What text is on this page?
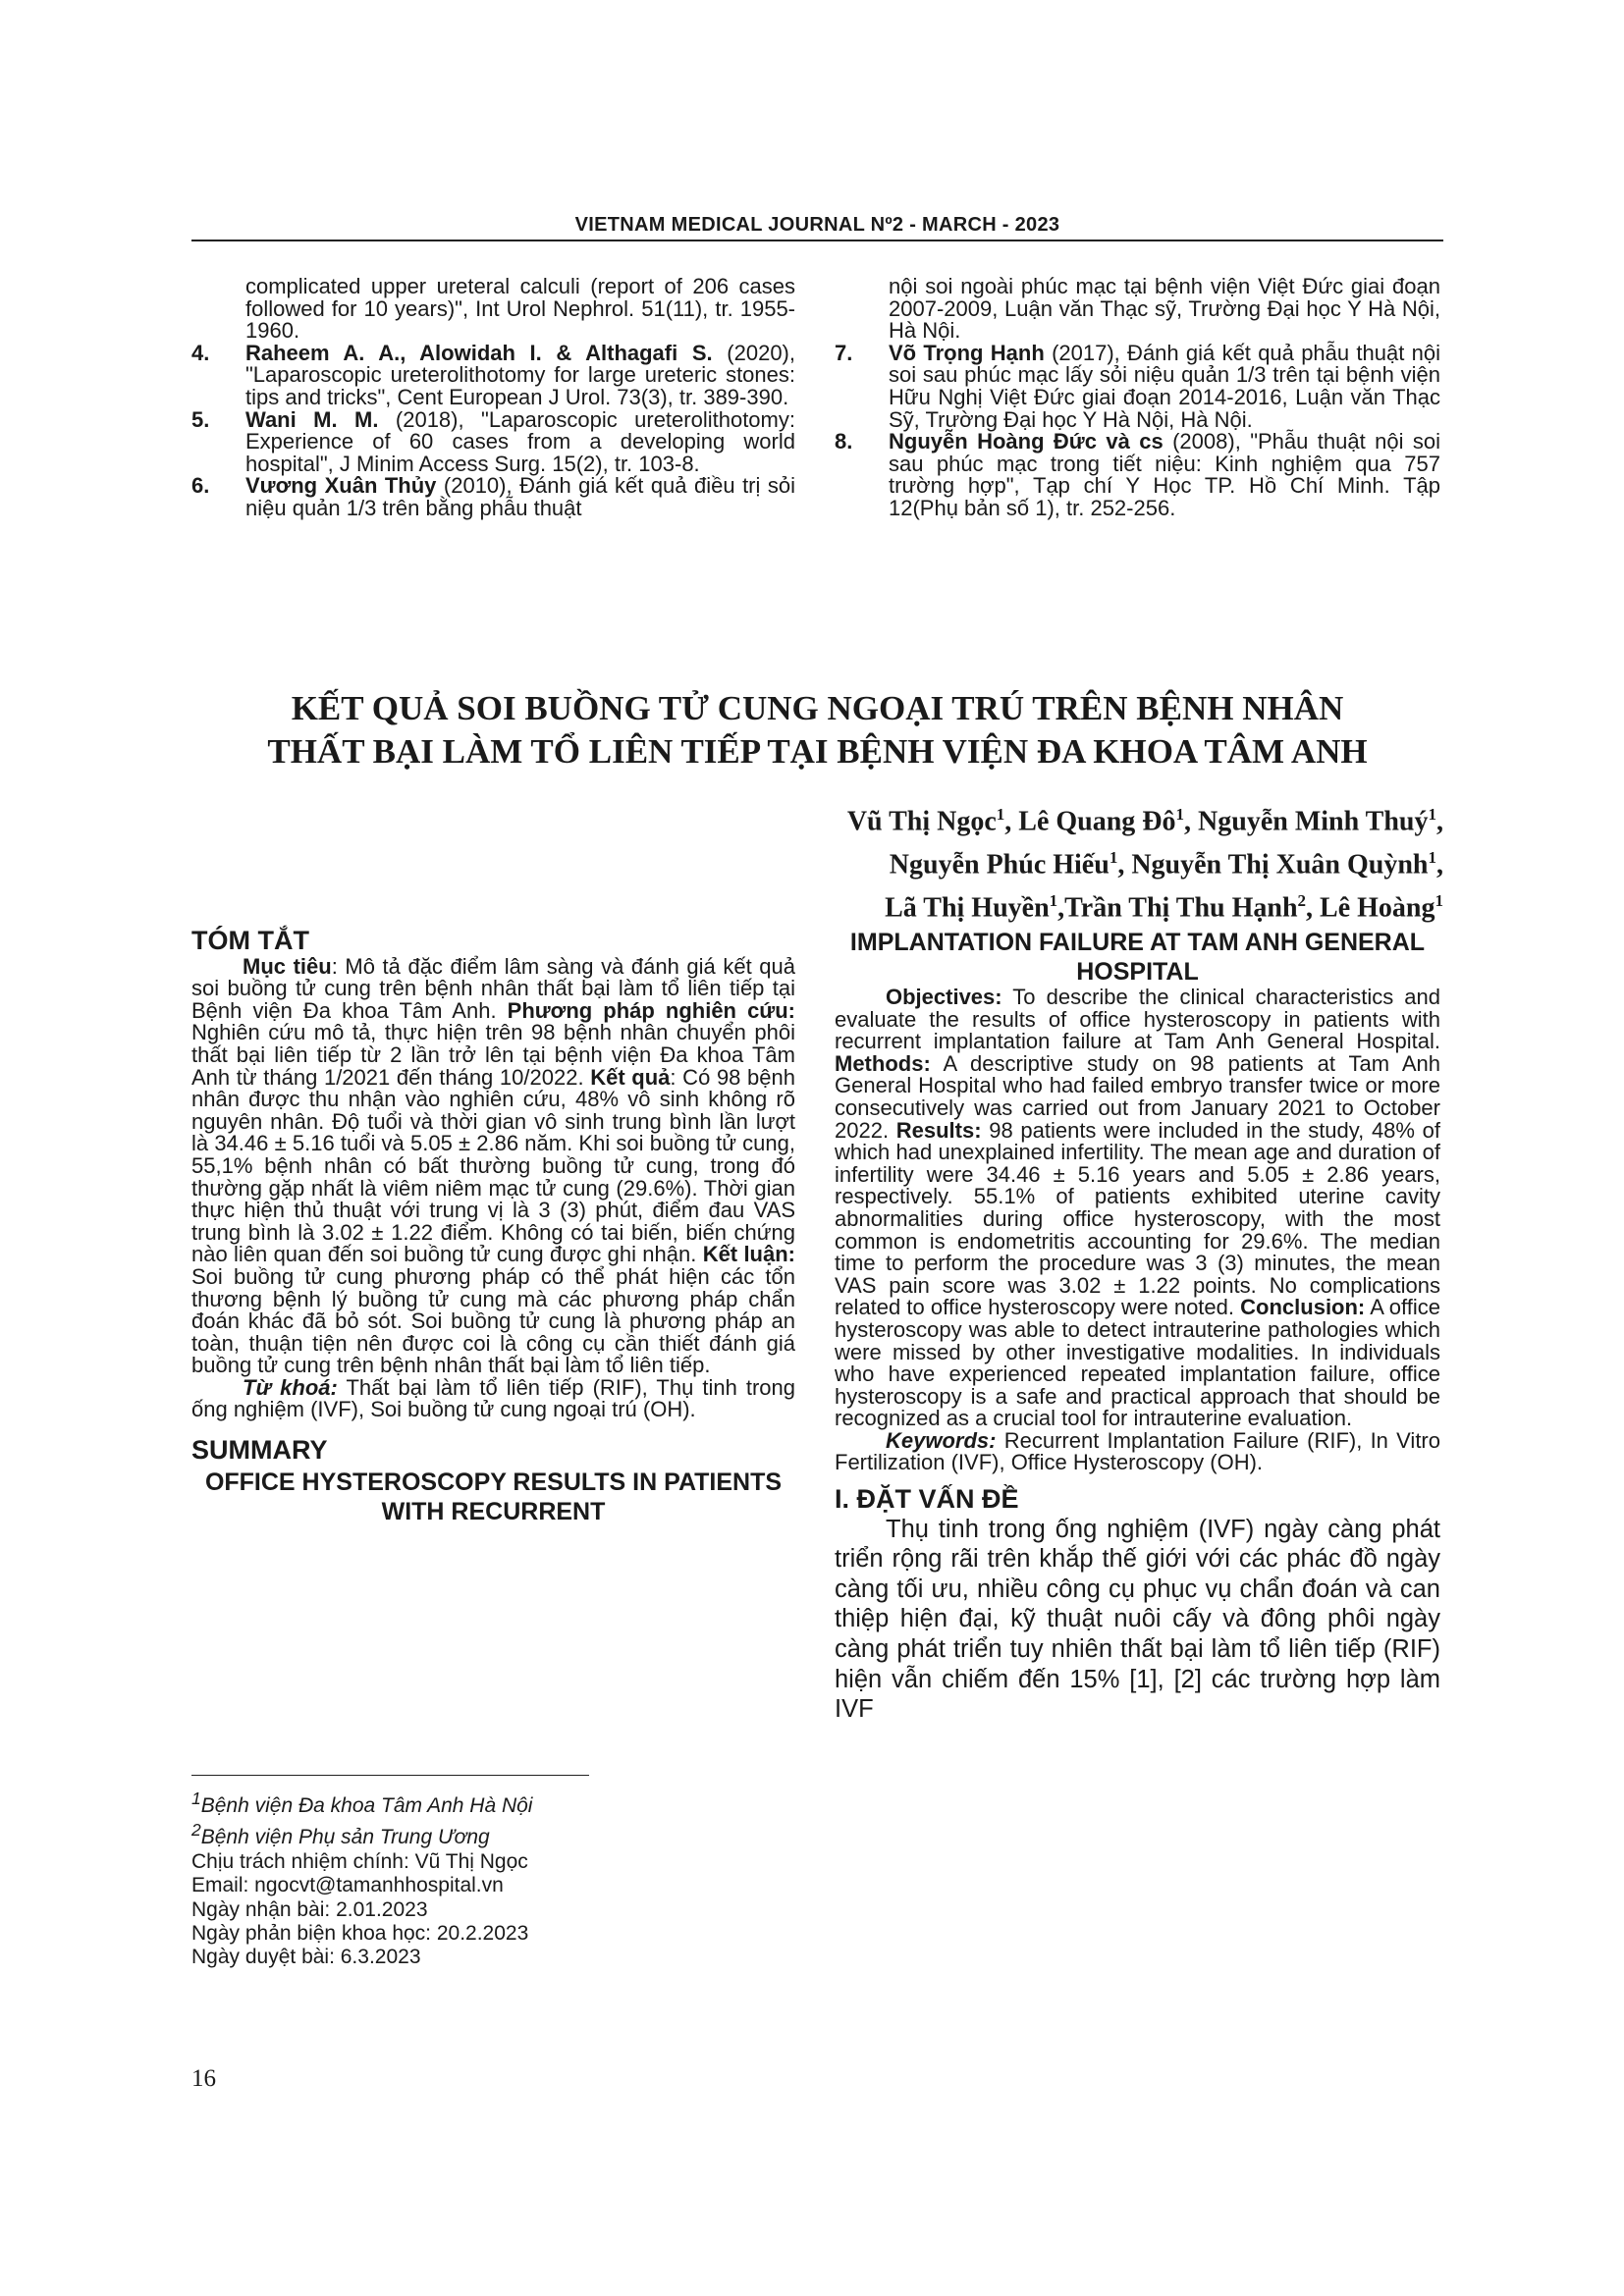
VIETNAM MEDICAL JOURNAL Nº2 - MARCH - 2023
complicated upper ureteral calculi (report of 206 cases followed for 10 years)", Int Urol Nephrol. 51(11), tr. 1955-1960.
4.	Raheem A. A., Alowidah I. & Althagafi S. (2020), "Laparoscopic ureterolithotomy for large ureteric stones: tips and tricks", Cent European J Urol. 73(3), tr. 389-390.
5.	Wani M. M. (2018), "Laparoscopic ureterolithotomy: Experience of 60 cases from a developing world hospital", J Minim Access Surg. 15(2), tr. 103-8.
6.	Vương Xuân Thủy (2010), Đánh giá kết quả điều trị sỏi niệu quản 1/3 trên bằng phẫu thuật
nội soi ngoài phúc mạc tại bệnh viện Việt Đức giai đoạn 2007-2009, Luận văn Thạc sỹ, Trường Đại học Y Hà Nội, Hà Nội.
7.	Võ Trọng Hạnh (2017), Đánh giá kết quả phẫu thuật nội soi sau phúc mạc lấy sỏi niệu quản 1/3 trên tại bệnh viện Hữu Nghị Việt Đức giai đoạn 2014-2016, Luận văn Thạc Sỹ, Trường Đại học Y Hà Nội, Hà Nội.
8.	Nguyễn Hoàng Đức và cs (2008), "Phẫu thuật nội soi sau phúc mạc trong tiết niệu: Kinh nghiệm qua 757 trường hợp", Tạp chí Y Học TP. Hồ Chí Minh. Tập 12(Phụ bản số 1), tr. 252-256.
KẾT QUẢ SOI BUỒNG TỬ CUNG NGOẠI TRÚ TRÊN BỆNH NHÂN
THẤT BẠI LÀM TỔ LIÊN TIẾP TẠI BỆNH VIỆN ĐA KHOA TÂM ANH
Vũ Thị Ngọc$^1$, Lê Quang $Đô^1$, Nguyễn Minh Thuý$^1$,
Nguyễn Phúc Hiếu$^1$, Nguyễn Thị Xuân Quỳnh$^1$,
Lã Thị Huyền$^1$,Trần Thị Thu Hạnh$^2$, Lê Hoàng$^1$
TÓM TẮT

Mục tiêu: Mô tả đặc điểm lâm sàng và đánh giá kết quả soi buồng tử cung trên bệnh nhân thất bại làm tổ liên tiếp tại Bệnh viện Đa khoa Tâm Anh. Phương pháp nghiên cứu: Nghiên cứu mô tả, thực hiện trên 98 bệnh nhân chuyển phôi thất bại liên tiếp từ 2 lần trở lên tại bệnh viện Đa khoa Tâm Anh từ tháng 1/2021 đến tháng 10/2022. Kết quả: Có 98 bệnh nhân được thu nhận vào nghiên cứu, 48% vô sinh không rõ nguyên nhân. Độ tuổi và thời gian vô sinh trung bình lần lượt là 34.46 ± 5.16 tuổi và 5.05 ± 2.86 năm. Khi soi buồng tử cung, 55,1% bệnh nhân có bất thường buồng tử cung, trong đó thường gặp nhất là viêm niêm mạc tử cung (29.6%). Thời gian thực hiện thủ thuật với trung vị là 3 (3) phút, điểm đau VAS trung bình là 3.02 ± 1.22 điểm. Không có tai biến, biến chứng nào liên quan đến soi buồng tử cung được ghi nhận. Kết luận: Soi buồng tử cung phương pháp có thể phát hiện các tổn thương bệnh lý buồng tử cung mà các phương pháp chẩn đoán khác đã bỏ sót. Soi buồng tử cung là phương pháp an toàn, thuận tiện nên được coi là công cụ cần thiết đánh giá buồng tử cung trên bệnh nhân thất bại làm tổ liên tiếp.

Từ khoá: Thất bại làm tổ liên tiếp (RIF), Thụ tinh trong ống nghiệm (IVF), Soi buồng tử cung ngoại trú (OH).

SUMMARY
OFFICE HYSTEROSCOPY RESULTS IN PATIENTS WITH RECURRENT
IMPLANTATION FAILURE AT TAM ANH GENERAL HOSPITAL

Objectives: To describe the clinical characteristics and evaluate the results of office hysteroscopy in patients with recurrent implantation failure at Tam Anh General Hospital. Methods: A descriptive study on 98 patients at Tam Anh General Hospital who had failed embryo transfer twice or more consecutively was carried out from January 2021 to October 2022. Results: 98 patients were included in the study, 48% of which had unexplained infertility. The mean age and duration of infertility were 34.46 ± 5.16 years and 5.05 ± 2.86 years, respectively. 55.1% of patients exhibited uterine cavity abnormalities during office hysteroscopy, with the most common is endometritis accounting for 29.6%. The median time to perform the procedure was 3 (3) minutes, the mean VAS pain score was 3.02 ± 1.22 points. No complications related to office hysteroscopy were noted. Conclusion: A office hysteroscopy was able to detect intrauterine pathologies which were missed by other investigative modalities. In individuals who have experienced repeated implantation failure, office hysteroscopy is a safe and practical approach that should be recognized as a crucial tool for intrauterine evaluation.

Keywords: Recurrent Implantation Failure (RIF), In Vitro Fertilization (IVF), Office Hysteroscopy (OH).

I. ĐẶT VẤN ĐỀ

Thụ tinh trong ống nghiệm (IVF) ngày càng phát triển rộng rãi trên khắp thế giới với các phác đồ ngày càng tối ưu, nhiều công cụ phục vụ chẩn đoán và can thiệp hiện đại, kỹ thuật nuôi cấy và đông phôi ngày càng phát triển tuy nhiên thất bại làm tổ liên tiếp (RIF) hiện vẫn chiếm đến 15% [1], [2] các trường hợp làm IVF

$^1$Bệnh viện Đa khoa Tâm Anh Hà Nội
$^2$Bệnh viện Phụ sản Trung Ương
Chịu trách nhiệm chính: Vũ Thị Ngọc
Email: ngocvt@tamanhhospital.vn
Ngày nhận bài: 2.01.2023
Ngày phản biện khoa học: 20.2.2023
Ngày duyệt bài: 6.3.2023
16
